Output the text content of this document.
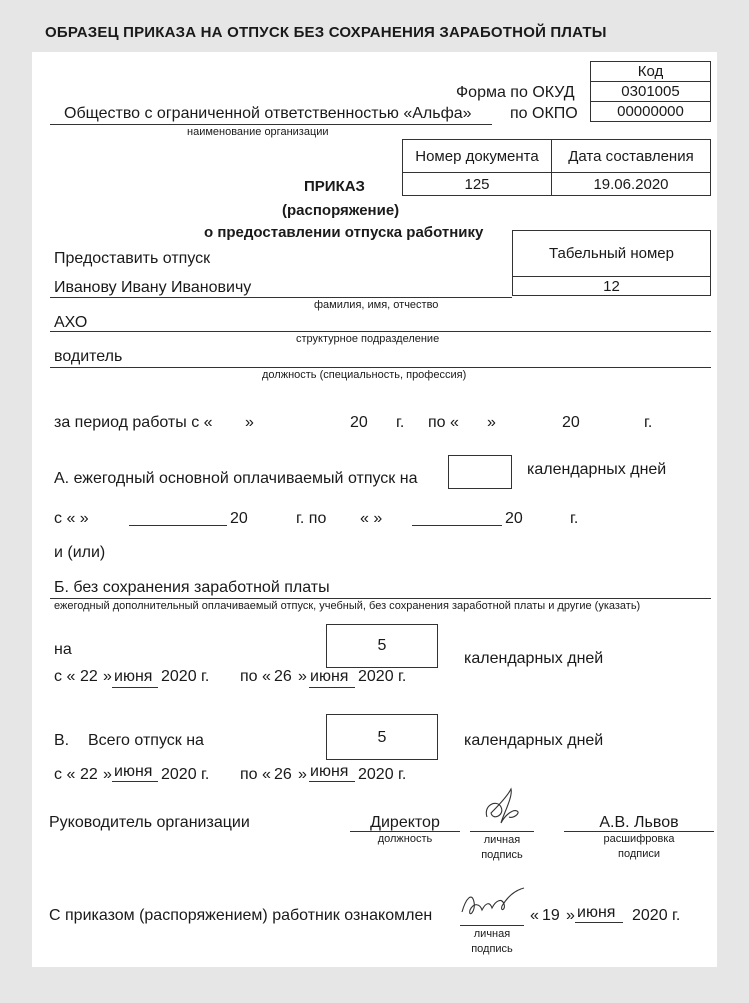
ОБРАЗЕЦ ПРИКАЗА НА ОТПУСК БЕЗ СОХРАНЕНИЯ ЗАРАБОТНОЙ ПЛАТЫ
Код
0301005
00000000
Форма по ОКУД
по ОКПО
Общество с ограниченной ответственностью «Альфа»
наименование организации
Номер документа	Дата составления
125	19.06.2020
ПРИКАЗ
(распоряжение)
о предоставлении отпуска работнику
Табельный номер
12
Предоставить отпуск
Иванову Ивану Ивановичу
фамилия, имя, отчество
АХО
структурное подразделение
водитель
должность (специальность, профессия)
за период работы с « »	20 г. по « »	20	г.
А. ежегодный основной оплачиваемый отпуск на
календарных дней
с « »	20	г. по « »	20	г.
и (или)
Б. без сохранения заработной платы
ежегодный дополнительный оплачиваемый отпуск, учебный, без сохранения заработной платы и другие (указать)
на	5
календарных дней
с « 22 » июня 2020 г. по « 26 » июня 2020 г.
В. Всего отпуск на	5	календарных дней
с « 22 » июня 2020 г. по « 26 » июня 2020 г.
Руководитель организации	Директор
должность	личная
подпись
А.В. Львов
расшифровка
подписи
С приказом (распоряжением) работник ознакомлен
личная
подпись
« 19 » июня 2020 г.
